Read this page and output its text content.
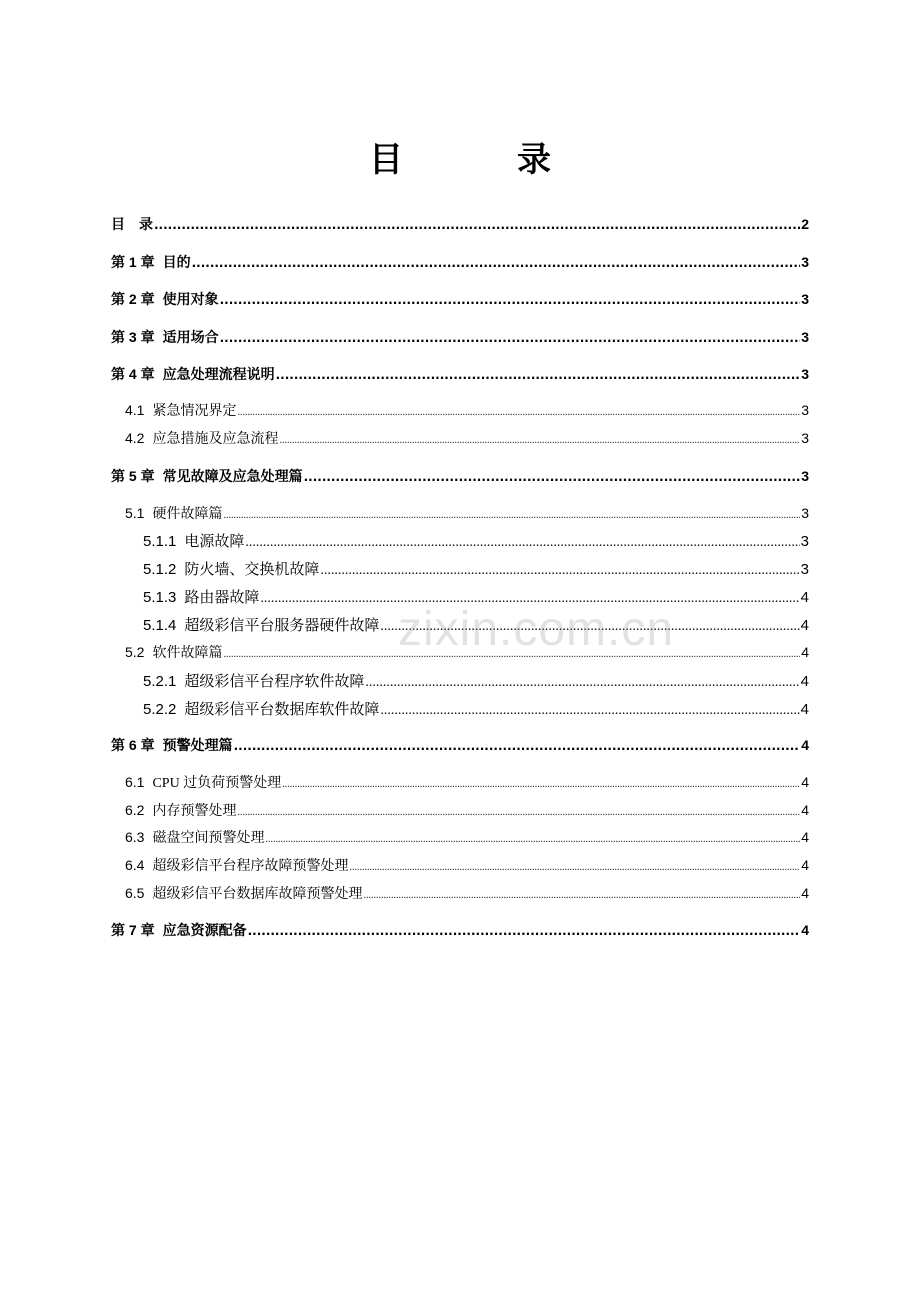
目　录
目 录 .....	2
第 1 章 目的 .....	3
第 2 章 使用对象 .....	3
第 3 章 适用场合 .....	3
第 4 章 应急处理流程说明 .....	3
4.1 紧急情况界定 .....	3
4.2 应急措施及应急流程 .....	3
第 5 章 常见故障及应急处理篇 .....	3
5.1 硬件故障篇 .....	3
5.1.1 电源故障 .....	3
5.1.2 防火墙、交换机故障 .....	3
5.1.3 路由器故障 .....	4
5.1.4 超级彩信平台服务器硬件故障 .....	4
5.2 软件故障篇 .....	4
5.2.1 超级彩信平台程序软件故障 .....	4
5.2.2 超级彩信平台数据库软件故障 .....	4
第 6 章 预警处理篇 .....	4
6.1 CPU 过负荷预警处理 .....	4
6.2 内存预警处理 .....	4
6.3 磁盘空间预警处理 .....	4
6.4 超级彩信平台程序故障预警处理 .....	4
6.5 超级彩信平台数据库故障预警处理 .....	4
第 7 章 应急资源配备 .....	4
zixin.com.cn
